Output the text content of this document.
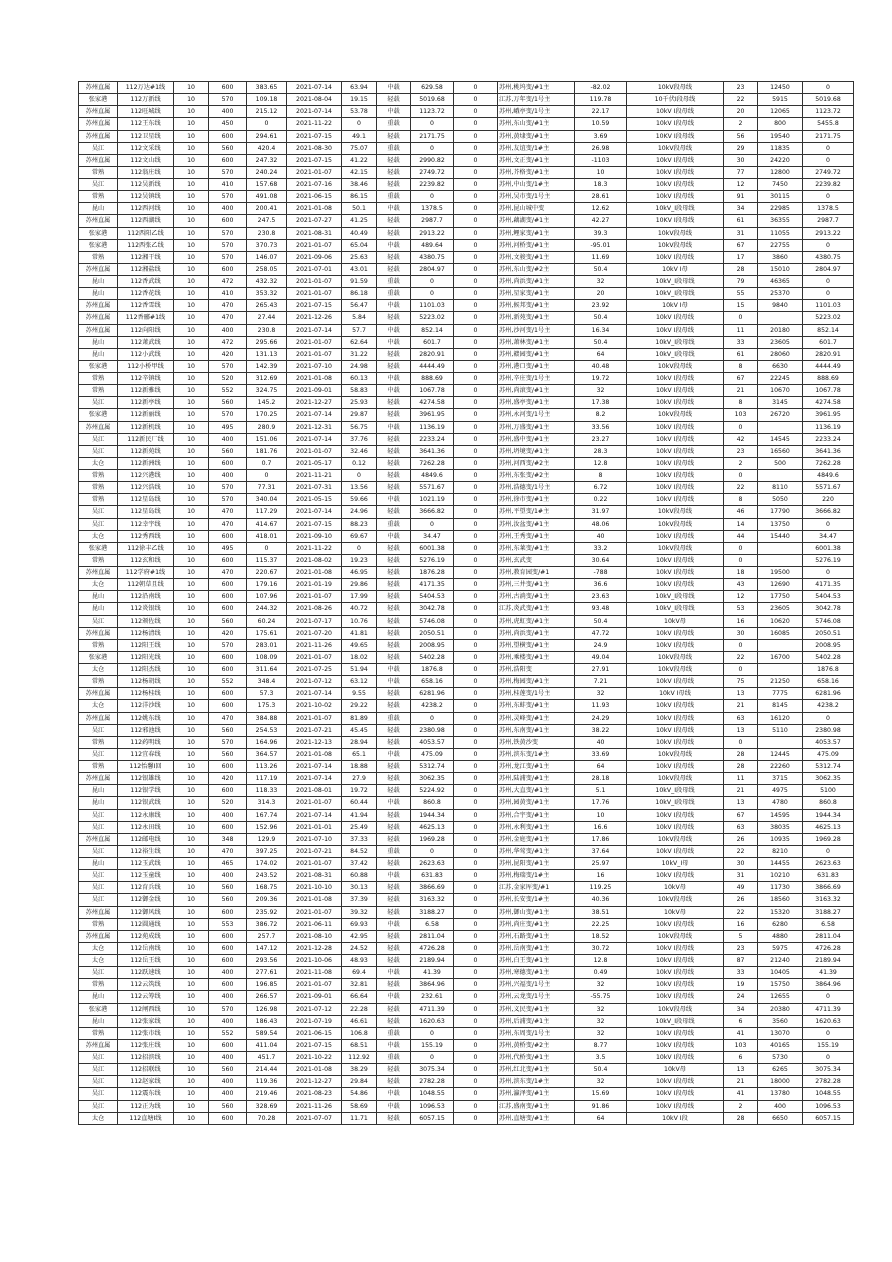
苏州直属	112万达#1线	10	600	383.65	2021-07-14	63.94	中载	629.58	0	苏州,桃坞变/#1主	-82.02	10kV段母线	23	12450	0
张家港	112万新线	10	570	109.18	2021-08-04	19.15	轻载	5019.68	0	江苏,万年变/1号主	119.78	10千伏Ⅰ段母线	22	5915	5019.68
苏州直属	112旺城线	10	400	215.12	2021-07-14	53.78	中载	1123.72	0	苏州,峨亭变/1号主	22.17	10kV Ⅰ段母线	20	12065	1123.72
苏州直属	112王东线	10	450	0	2021-11-22	0	重载	0	0	苏州,东山变/#1主	10.59	10kV Ⅰ段母线	2	800	5455.8
苏州直属	112卫星线	10	600	294.61	2021-07-15	49.1	轻载	2171.75	0	苏州,黄埭变/#1主	3.69	10KV Ⅰ段母线	56	19540	2171.75
吴江	112文采线	10	560	420.4	2021-08-30	75.07	重载	0	0	苏州,友谊变/1#主	26.98	10kV段母线	29	11835	0
苏州直属	112文山线	10	600	247.32	2021-07-15	41.22	轻载	2990.82	0	苏州,文正变/#1主	-1103	10kV Ⅰ段母线	30	24220	0
常熟	112翁庄线	10	570	240.24	2021-01-07	42.15	轻载	2749.72	0	苏州,芥格变/#1主	10	10kV Ⅰ段母线	77	12800	2749.72
吴江	112吴新线	10	410	157.68	2021-07-16	38.46	轻载	2239.82	0	苏州,中山变/1#主	18.3	10kV Ⅰ段母线	12	7450	2239.82
常熟	112吴镇线	10	570	491.08	2021-06-15	86.15	重载	0	0	苏州,吴市变/1号主	28.61	10kV Ⅰ段母线	91	30115	0
昆山	112西河线	10	400	200.41	2021-01-08	50.1	中载	1378.5	0	苏州,昆山城中变	12.62	10kV_Ⅰ段母线	34	22985	1378.5
苏州直属	112西湖线	10	600	247.5	2021-07-27	41.25	轻载	2987.7	0	苏州,藕湖变/#1主	42.27	10KV Ⅰ段母线	61	36355	2987.7
张家港	112西阳乙线	10	570	230.8	2021-08-31	40.49	轻载	2913.22	0	苏州,鲤家变/#1主	39.3	10kV段母线	31	11055	2913.22
张家港	112西张乙线	10	570	370.73	2021-01-07	65.04	中载	489.64	0	苏州,河桥变/#1主	-95.01	10kV段母线	67	22755	0
常熟	112湘干线	10	570	146.07	2021-09-06	25.63	轻载	4380.75	0	苏州,文骏变/#1主	11.69	10kV Ⅰ段母线	17	3860	4380.75
苏州直属	112湘盐线	10	600	258.05	2021-07-01	43.01	轻载	2804.97	0	苏州,东山变/#2主	50.4	10kV Ⅰ母	28	15010	2804.97
昆山	112香武线	10	472	432.32	2021-01-07	91.59	重载	0	0	苏州,尚浜变/#1主	32	10kV_Ⅰ段母线	79	46365	0
昆山	112香花线	10	410	353.32	2021-01-07	86.18	重载	0	0	苏州,星家变/#1主	20	10kV_Ⅰ段母线	55	25370	0
苏州直属	112香雪线	10	470	265.43	2021-07-15	56.47	中载	1101.03	0	苏州,候邦变/#1主	23.92	10kV Ⅰ母	15	9840	1101.03
苏州直属	112香郦#1线	10	470	27.44	2021-12-26	5.84	轻载	5223.02	0	苏州,新苑变/#1主	50.4	10kV Ⅰ段母线	0		5223.02
苏州直属	112向阳线	10	400	230.8	2021-07-14	57.7	中载	852.14	0	苏州,沙河变/1号主	16.34	10kV Ⅰ段母线	11	20180	852.14
昆山	112萧武线	10	472	295.66	2021-01-07	62.64	中载	601.7	0	苏州,萧林变/#1主	50.4	10kV_Ⅰ段母线	33	23605	601.7
昆山	112小武线	10	420	131.13	2021-01-07	31.22	轻载	2820.91	0	苏州,赣园变/#1主	64	10kV_Ⅰ段母线	61	28060	2820.91
张家港	112小桥甲线	10	570	142.39	2021-07-10	24.98	轻载	4444.49	0	苏州,港口变/#1主	40.48	10kV段母线	8	6630	4444.49
常熟	112辛镇线	10	520	312.69	2021-01-08	60.13	中载	888.69	0	苏州,辛庄变/1号主	19.72	10kV Ⅰ段母线	67	22245	888.69
常熟	112新雅线	10	552	324.75	2021-09-01	58.83	中载	1067.78	0	苏州,尚滚变/#1主	32	10kV Ⅰ段母线	21	10670	1067.78
吴江	112新亭线	10	560	145.2	2021-12-27	25.93	轻载	4274.58	0	苏州,盛亭变/#1主	17.38	10kV Ⅰ段母线	8	3145	4274.58
张家港	112新丽线	10	570	170.25	2021-07-14	29.87	轻载	3961.95	0	苏州,永河变/1号主	8.2	10kV段母线	103	26720	3961.95
苏州直属	112新机线	10	495	280.9	2021-12-31	56.75	中载	1136.19	0	苏州,万盛变/#1主	33.56	10kV Ⅰ段母线	0		1136.19
吴江	112新民厂线	10	400	151.06	2021-07-14	37.76	轻载	2233.24	0	苏州,盛中变/#1主	23.27	10kV Ⅰ段母线	42	14545	2233.24
吴江	112新苑线	10	560	181.76	2021-01-07	32.46	轻载	3641.36	0	苏州,坍境变/#1主	28.3	10kV Ⅰ段母线	23	16560	3641.36
太仓	112新洲线	10	600	0.7	2021-05-17	0.12	轻载	7262.28	0	苏州,河西变/#2主	12.8	10kV Ⅰ段母线	2	500	7262.28
常熟	112兴港线	10	400	0	2021-11-21	0	轻载	4849.6	0	苏州,东张变/#2主	8	10kV Ⅰ段母线	0		4849.6
常熟	112兴浩线	10	570	77.31	2021-07-31	13.56	轻载	5571.67	0	苏州,浩德变/1号主	6.72	10kV Ⅰ段母线	22	8110	5571.67
常熟	112星岛线	10	570	340.04	2021-05-15	59.66	中载	1021.19	0	苏州,徐市变/#1主	0.22	10kV Ⅰ段母线	8	5050	220
吴江	112星岛线	10	470	117.29	2021-07-14	24.96	轻载	3666.82	0	苏州,平望变/1#主	31.97	10kV段母线	46	17790	3666.82
吴江	112幸宇线	10	470	414.67	2021-07-15	88.23	重载	0	0	苏州,汝盆变/#1主	48.06	10kV段母线	14	13750	0
太仓	112秀西线	10	600	418.01	2021-09-10	69.67	中载	34.47	0	苏州,王秀变/#1主	40	10kV Ⅰ段母线	44	15440	34.47
张家港	112徐丰乙线	10	495	0	2021-11-22	0	轻载	6001.38	0	苏州,东莱变/#1主	33.2	10kV段母线	0		6001.38
常熟	112玄和线	10	600	115.37	2021-08-02	19.23	轻载	5276.19	0	苏州,玄武变	30.64	10kV Ⅰ段母线	0		5276.19
苏州直属	112学府#1线	10	470	220.67	2021-01-08	46.95	轻载	1876.28	0	苏州,教育园变/#1	-788	10kV Ⅰ段母线	18	19500	0
太仓	112朝草且线	10	600	179.16	2021-01-19	29.86	轻载	4171.35	0	苏州,三井变/#1主	36.6	10kV Ⅰ段母线	43	12690	4171.35
昆山	112沿南线	10	600	107.96	2021-01-07	17.99	轻载	5404.53	0	苏州,古淌变/#1主	23.63	10kV_Ⅰ段母线	12	17750	5404.53
昆山	112炎银线	10	600	244.32	2021-08-26	40.72	轻载	3042.78	0	江苏,炎武变/#1主	93.48	10kV_Ⅰ段母线	53	23605	3042.78
吴江	112颁佐线	10	560	60.24	2021-07-17	10.76	轻载	5746.08	0	苏州,虎虹变/#1主	50.4	10kV母	16	10620	5746.08
苏州直属	112杨清线	10	420	175.61	2021-07-20	41.81	轻载	2050.51	0	苏州,尚浜变/#1主	47.72	10kV Ⅰ段母线	30	16085	2050.51
常熟	112阳王线	10	570	283.01	2021-11-26	49.65	轻载	2008.95	0	苏州,望横变/#1主	24.9	10kV Ⅰ段母线	0		2008.95
张家港	112阳光线	10	600	108.09	2021-01-07	18.02	轻载	5402.28	0	苏州,乘楼变/#1主	49.04	10kV段母线	22	16700	5402.28
太仓	112阳杰线	10	600	311.64	2021-07-25	51.94	中载	1876.8	0	苏州,浩阳变	27.91	10kV段母线	0		1876.8
常熟	112杨胡线	10	552	348.4	2021-07-12	63.12	中载	658.16	0	苏州,梅园变/#1主	7.21	10kV Ⅰ段母线	75	21250	658.16
苏州直属	112杨桂线	10	600	57.3	2021-07-14	9.55	轻载	6281.96	0	苏州,桂莲变/1号主	32	10kV Ⅰ母线	13	7775	6281.96
太仓	112洋沙线	10	600	175.3	2021-10-02	29.22	轻载	4238.2	0	苏州,东蚌变/#1主	11.93	10kV Ⅰ段母线	21	8145	4238.2
苏州直属	112姚东线	10	470	384.88	2021-01-07	81.89	重载	0	0	苏州,灵峰变/#1主	24.29	10kV Ⅰ段母线	63	16120	0
吴江	112邪池线	10	560	254.53	2021-07-21	45.45	轻载	2380.98	0	苏州,东南变/#1主	38.22	10kV Ⅰ段母线	13	5110	2380.98
常熟	112药明线	10	570	164.96	2021-12-13	28.94	轻载	4053.57	0	苏州,铁黄沙变	40	10kV Ⅰ段母线	0		4053.57
吴江	112宜春线	10	560	364.57	2021-01-08	65.1	中载	475.09	0	苏州,滨东变/1#主	33.69	10kV段母线	28	12445	475.09
常熟	112怡馨Ⅰ回	10	600	113.26	2021-07-14	18.88	轻载	5312.74	0	苏州,龙江变/#1主	64	10kV Ⅰ段母线	28	22260	5312.74
苏州直属	112银雄线	10	420	117.19	2021-07-14	27.9	轻载	3062.35	0	苏州,陆浦变/#1主	28.18	10kV段母线	11	3715	3062.35
昆山	112银学线	10	600	118.33	2021-08-01	19.72	轻载	5224.92	0	苏州,大直变/#1主	5.1	10kV_Ⅰ段母线	21	4975	5100
昆山	112银武线	10	520	314.3	2021-01-07	60.44	中载	860.8	0	苏州,园黄变/#1主	17.76	10kV_Ⅰ段母线	13	4780	860.8
吴江	112永康线	10	400	167.74	2021-07-14	41.94	轻载	1944.34	0	苏州,合宇变/#1主	10	10kV Ⅰ段母线	67	14595	1944.34
吴江	112永田线	10	600	152.96	2021-01-01	25.49	轻载	4625.13	0	苏州,永利变/#1主	16.6	10kV Ⅰ段母线	63	38035	4625.13
苏州直属	112邮电线	10	348	129.9	2021-07-10	37.33	轻载	1969.28	0	苏州,金庭变/#1主	17.86	10kV段母线	26	10935	1969.28
吴江	112裕生线	10	470	397.25	2021-07-21	84.52	重载	0	0	苏州,华莺变/#1主	37.64	10kV Ⅰ段母线	22	8210	0
昆山	112玉武线	10	465	174.02	2021-01-07	37.42	轻载	2623.63	0	苏州,昆阳变/#1主	25.97	10kV_Ⅰ母	30	14455	2623.63
吴江	112玉童线	10	400	243.52	2021-08-31	60.88	中载	631.83	0	苏州,梅瑞变/1#主	16	10kV Ⅰ段母线	31	10210	631.83
吴江	112育兵线	10	560	168.75	2021-10-10	30.13	轻载	3866.69	0	江苏,金家厍变/#1	119.25	10kV母	49	11730	3866.69
吴江	112御金线	10	560	209.36	2021-01-08	37.39	轻载	3163.32	0	苏州,长安变/1#主	40.36	10kV段母线	26	18560	3163.32
苏州直属	112御风线	10	600	235.92	2021-01-07	39.32	轻载	3188.27	0	苏州,御山变/#1主	38.51	10kV母	22	15320	3188.27
常熟	112圆通线	10	553	386.72	2021-06-11	69.93	中载	6.58	0	苏州,尚庄变/#1主	22.25	10kV Ⅰ段母线	16	6280	6.58
苏州直属	112苑成线	10	600	257.7	2021-08-10	42.95	轻载	2811.04	0	苏州,石路变/#1主	18.52	10kV段母线	5	4880	2811.04
太仓	112岳南线	10	600	147.12	2021-12-28	24.52	轻载	4726.28	0	苏州,岳南变/#1主	30.72	10kV Ⅰ段母线	23	5975	4726.28
太仓	112岳王线	10	600	293.56	2021-10-06	48.93	轻载	2189.94	0	苏州,白王变/#1主	12.8	10kV Ⅰ段母线	87	21240	2189.94
吴江	112跃速线	10	400	277.61	2021-11-08	69.4	中载	41.39	0	苏州,寒德变/#1主	0.49	10kV Ⅰ段母线	33	10405	41.39
常熟	112云筑线	10	600	196.85	2021-01-07	32.81	轻载	3864.96	0	苏州,兴福变/1号主	32	10kV Ⅰ段母线	19	15750	3864.96
昆山	112云筹线	10	400	266.57	2021-09-01	66.64	中载	232.61	0	苏州,云龙变/1号主	-55.75	10kV Ⅰ段母线	24	12655	0
张家港	112闸西线	10	570	126.98	2021-07-12	22.28	轻载	4711.39	0	苏州,义民变/#1主	32	10kV段母线	34	20380	4711.39
昆山	112张家线	10	400	186.43	2021-07-19	46.61	轻载	1620.63	0	苏州,后浦变/#1主	32	10kV_Ⅰ段母线	6	3560	1620.63
常熟	112张市线	10	552	589.54	2021-06-15	106.8	重载	0	0	苏州,东周变/1号主	32	10kV Ⅰ段母线	41	13070	0
苏州直属	112张庄线	10	600	411.04	2021-07-15	68.51	中载	155.19	0	苏州,黄桥变/#2主	8.77	10kV Ⅰ段母线	103	40165	155.19
吴江	112招滨线	10	400	451.7	2021-10-22	112.92	重载	0	0	苏州,代桥变/#1主	3.5	10kV Ⅰ段母线	6	5730	0
吴江	112招联线	10	560	214.44	2021-01-08	38.29	轻载	3075.34	0	苏州,红北变/#1主	50.4	10kV母	13	6265	3075.34
吴江	112赵家线	10	400	119.36	2021-12-27	29.84	轻载	2782.28	0	苏州,滨东变/1#主	32	10kV Ⅰ段母线	21	18000	2782.28
吴江	112震东线	10	400	219.46	2021-08-23	54.86	中载	1048.55	0	苏州,瀛泽变/#1主	15.69	10kV Ⅰ段母线	41	13780	1048.55
吴江	112正为线	10	560	328.69	2021-11-26	58.69	中载	1096.53	0	江苏,盛南变/#1主	91.86	10kV Ⅰ段母线	2	400	1096.53
太仓	112直塘Ⅰ线	10	600	70.28	2021-07-07	11.71	轻载	6057.15	0	苏州,直塘变/#1主	64	10kV Ⅰ段	28	6650	6057.15
